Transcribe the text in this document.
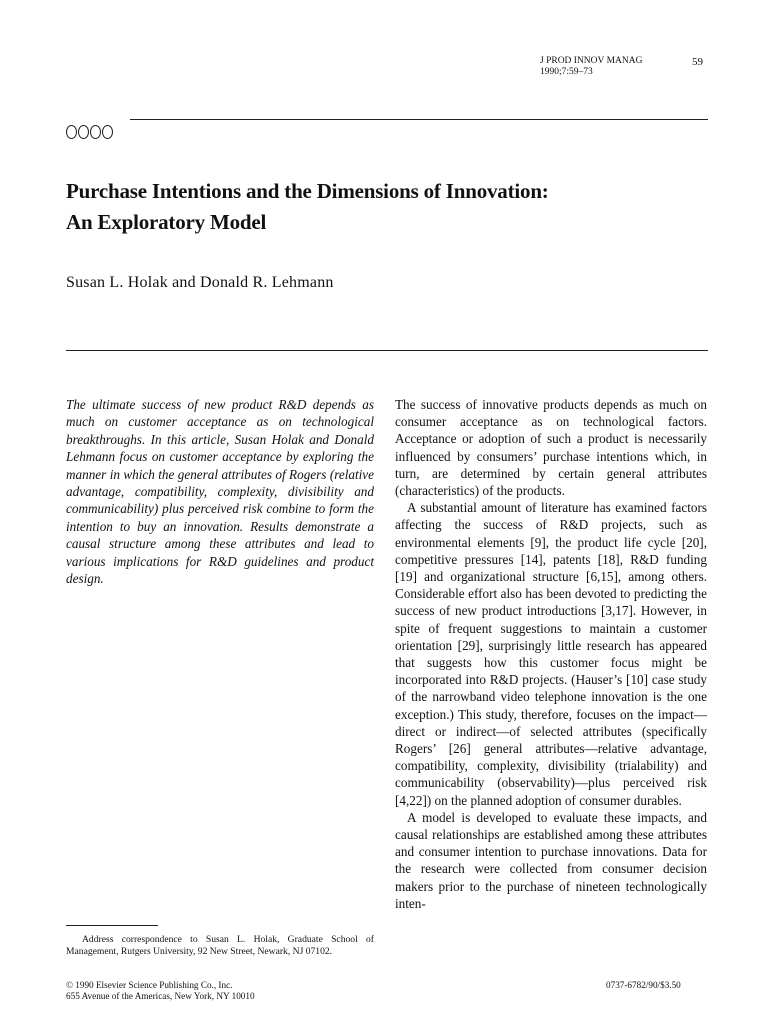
J PROD INNOV MANAG
1990;7:59–73
59
Purchase Intentions and the Dimensions of Innovation:
An Exploratory Model
Susan L. Holak and Donald R. Lehmann

The ultimate success of new product R&D depends as much on customer acceptance as on technological breakthroughs. In this article, Susan Holak and Donald Lehmann focus on customer acceptance by exploring the manner in which the general attributes of Rogers (relative advantage, compatibility, complexity, divisibility and communicability) plus perceived risk combine to form the intention to buy an innovation. Results demonstrate a causal structure among these attributes and lead to various implications for R&D guidelines and product design.

The success of innovative products depends as much on consumer acceptance as on technological factors. Acceptance or adoption of such a product is necessarily influenced by consumers’ purchase intentions which, in turn, are determined by certain general attributes (characteristics) of the products.

A substantial amount of literature has examined factors affecting the success of R&D projects, such as environmental elements [9], the product life cycle [20], competitive pressures [14], patents [18], R&D funding [19] and organizational structure [6,15], among others. Considerable effort also has been devoted to predicting the success of new product introductions [3,17]. However, in spite of frequent suggestions to maintain a customer orientation [29], surprisingly little research has appeared that suggests how this customer focus might be incorporated into R&D projects. (Hauser’s [10] case study of the narrowband video telephone innovation is the one exception.) This study, therefore, focuses on the impact—direct or indirect—of selected attributes (specifically Rogers’ [26] general attributes—relative advantage, compatibility, complexity, divisibility (trialability) and communicability (observability)—plus perceived risk [4,22]) on the planned adoption of consumer durables.

A model is developed to evaluate these impacts, and causal relationships are established among these attributes and consumer intention to purchase innovations. Data for the research were collected from consumer decision makers prior to the purchase of nineteen technologically inten-

Address correspondence to Susan L. Holak, Graduate School of Management, Rutgers University, 92 New Street, Newark, NJ 07102.
© 1990 Elsevier Science Publishing Co., Inc.
655 Avenue of the Americas, New York, NY 10010
0737-6782/90/$3.50
